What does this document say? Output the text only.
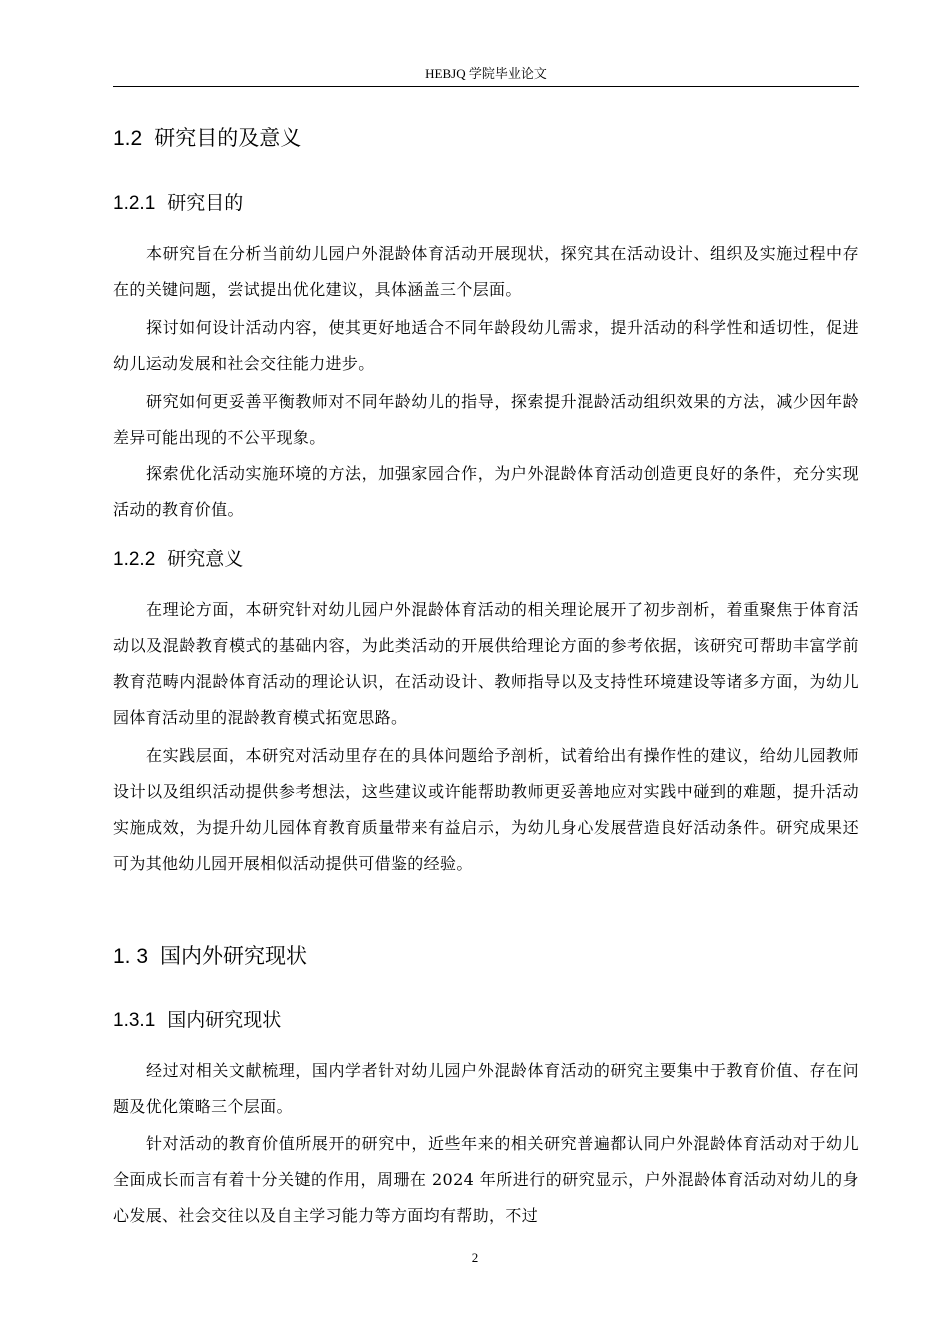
HEBJQ 学院毕业论文
1.2 研究目的及意义
1.2.1 研究目的

本研究旨在分析当前幼儿园户外混龄体育活动开展现状，探究其在活动设计、组织及实施过程中存在的关键问题，尝试提出优化建议，具体涵盖三个层面。

探讨如何设计活动内容，使其更好地适合不同年龄段幼儿需求，提升活动的科学性和适切性，促进幼儿运动发展和社会交往能力进步。

研究如何更妥善平衡教师对不同年龄幼儿的指导，探索提升混龄活动组织效果的方法，减少因年龄差异可能出现的不公平现象。

探索优化活动实施环境的方法，加强家园合作，为户外混龄体育活动创造更良好的条件，充分实现活动的教育价值。

1.2.2 研究意义

在理论方面，本研究针对幼儿园户外混龄体育活动的相关理论展开了初步剖析，着重聚焦于体育活动以及混龄教育模式的基础内容，为此类活动的开展供给理论方面的参考依据，该研究可帮助丰富学前教育范畴内混龄体育活动的理论认识，在活动设计、教师指导以及支持性环境建设等诸多方面，为幼儿园体育活动里的混龄教育模式拓宽思路。

在实践层面，本研究对活动里存在的具体问题给予剖析，试着给出有操作性的建议，给幼儿园教师设计以及组织活动提供参考想法，这些建议或许能帮助教师更妥善地应对实践中碰到的难题，提升活动实施成效，为提升幼儿园体育教育质量带来有益启示，为幼儿身心发展营造良好活动条件。研究成果还可为其他幼儿园开展相似活动提供可借鉴的经验。

1. 3 国内外研究现状
1.3.1 国内研究现状

经过对相关文献梳理，国内学者针对幼儿园户外混龄体育活动的研究主要集中于教育价值、存在问题及优化策略三个层面。

针对活动的教育价值所展开的研究中，近些年来的相关研究普遍都认同户外混龄体育活动对于幼儿全面成长而言有着十分关键的作用，周珊在 2024 年所进行的研究显示，户外混龄体育活动对幼儿的身心发展、社会交往以及自主学习能力等方面均有帮助，不过

2
